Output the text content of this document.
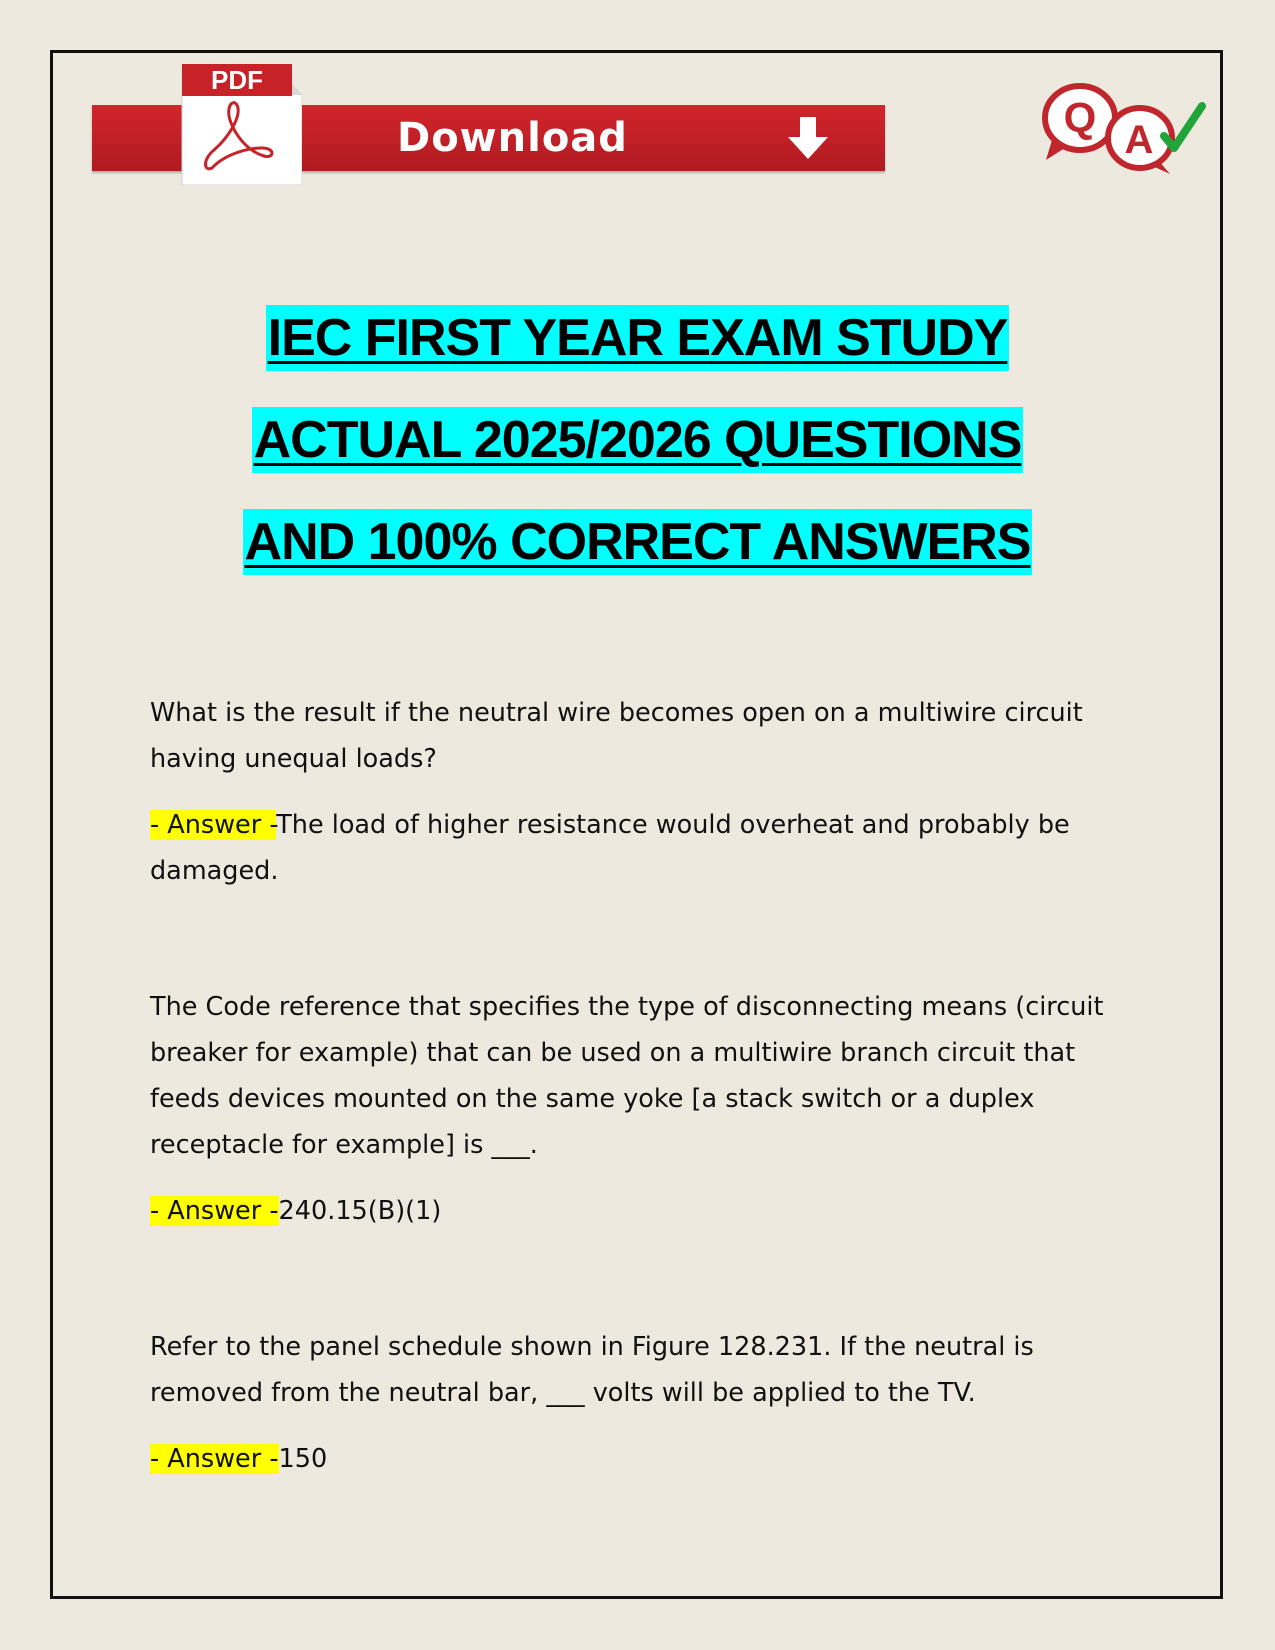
PDF
Download	Q A
IEC FIRST YEAR EXAM STUDY
ACTUAL 2025/2026 QUESTIONS
AND 100% CORRECT ANSWERS

What is the result if the neutral wire becomes open on a multiwire circuit having unequal loads?

- Answer -The load of higher resistance would overheat and probably be damaged.

The Code reference that specifies the type of disconnecting means (circuit breaker for example) that can be used on a multiwire branch circuit that feeds devices mounted on the same yoke [a stack switch or a duplex receptacle for example] is ___.

- Answer -240.15(B)(1)

Refer to the panel schedule shown in Figure 128.231. If the neutral is removed from the neutral bar, ___ volts will be applied to the TV.

- Answer -150
